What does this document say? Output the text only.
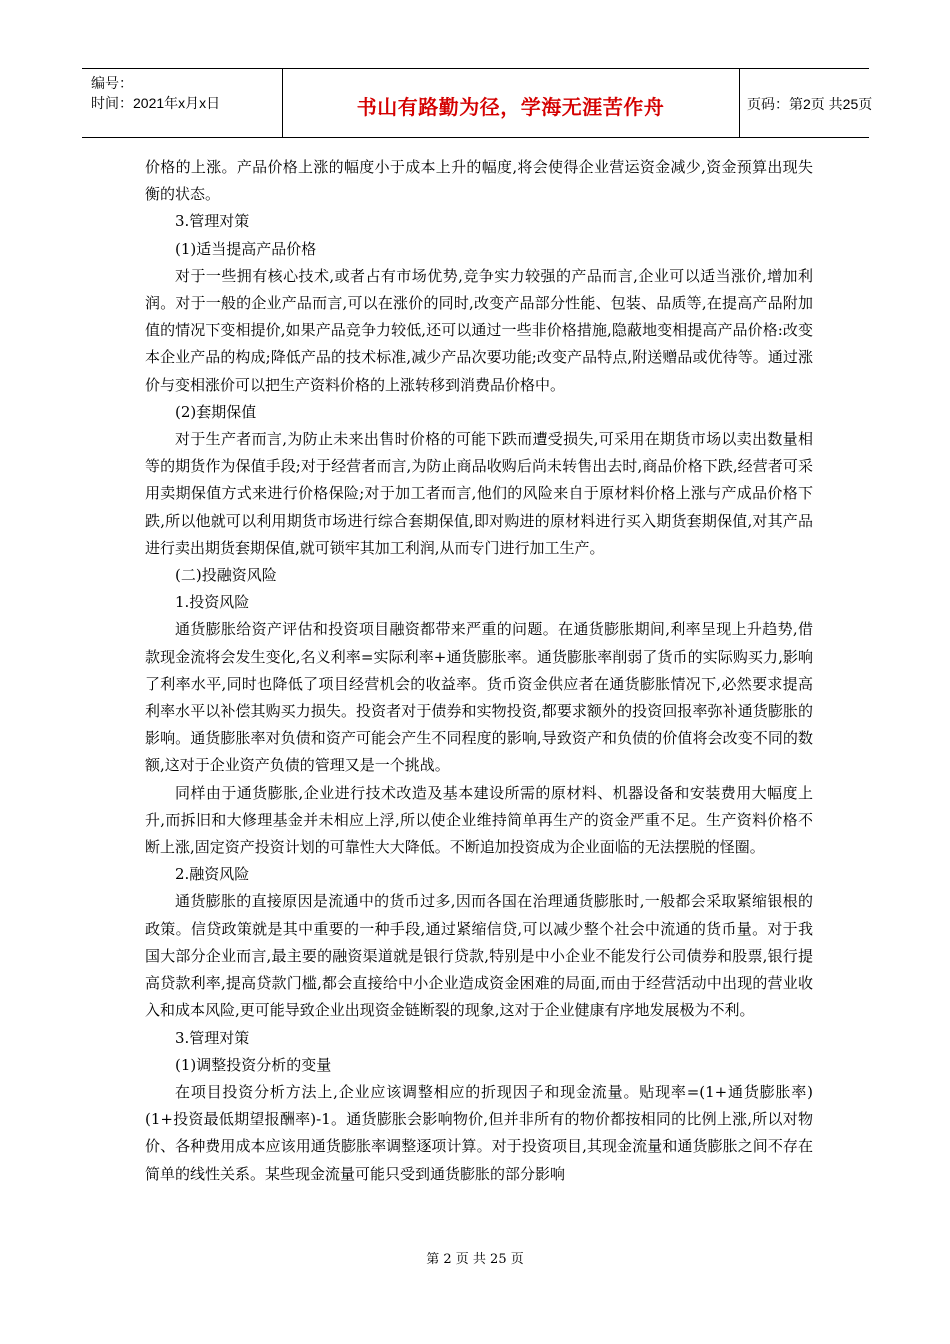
编号：
时间：2021年x月x日	书山有路勤为径，学海无涯苦作舟	页码：第2页 共25页

价格的上涨。产品价格上涨的幅度小于成本上升的幅度,将会使得企业营运资金减少,资金预算出现失衡的状态。

3.管理对策

(1)适当提高产品价格

对于一些拥有核心技术,或者占有市场优势,竞争实力较强的产品而言,企业可以适当涨价,增加利润。对于一般的企业产品而言,可以在涨价的同时,改变产品部分性能、包装、品质等,在提高产品附加值的情况下变相提价,如果产品竞争力较低,还可以通过一些非价格措施,隐蔽地变相提高产品价格:改变本企业产品的构成;降低产品的技术标准,减少产品次要功能;改变产品特点,附送赠品或优待等。通过涨价与变相涨价可以把生产资料价格的上涨转移到消费品价格中。

(2)套期保值

对于生产者而言,为防止未来出售时价格的可能下跌而遭受损失,可采用在期货市场以卖出数量相等的期货作为保值手段;对于经营者而言,为防止商品收购后尚未转售出去时,商品价格下跌,经营者可采用卖期保值方式来进行价格保险;对于加工者而言,他们的风险来自于原材料价格上涨与产成品价格下跌,所以他就可以利用期货市场进行综合套期保值,即对购进的原材料进行买入期货套期保值,对其产品进行卖出期货套期保值,就可锁牢其加工利润,从而专门进行加工生产。

(二)投融资风险

1.投资风险

通货膨胀给资产评估和投资项目融资都带来严重的问题。在通货膨胀期间,利率呈现上升趋势,借款现金流将会发生变化,名义利率=实际利率+通货膨胀率。通货膨胀率削弱了货币的实际购买力,影响了利率水平,同时也降低了项目经营机会的收益率。货币资金供应者在通货膨胀情况下,必然要求提高利率水平以补偿其购买力损失。投资者对于债券和实物投资,都要求额外的投资回报率弥补通货膨胀的影响。通货膨胀率对负债和资产可能会产生不同程度的影响,导致资产和负债的价值将会改变不同的数额,这对于企业资产负债的管理又是一个挑战。

同样由于通货膨胀,企业进行技术改造及基本建设所需的原材料、机器设备和安装费用大幅度上升,而拆旧和大修理基金并未相应上浮,所以使企业维持简单再生产的资金严重不足。生产资料价格不断上涨,固定资产投资计划的可靠性大大降低。不断追加投资成为企业面临的无法摆脱的怪圈。

2.融资风险

通货膨胀的直接原因是流通中的货币过多,因而各国在治理通货膨胀时,一般都会采取紧缩银根的政策。信贷政策就是其中重要的一种手段,通过紧缩信贷,可以减少整个社会中流通的货币量。对于我国大部分企业而言,最主要的融资渠道就是银行贷款,特别是中小企业不能发行公司债券和股票,银行提高贷款利率,提高贷款门槛,都会直接给中小企业造成资金困难的局面,而由于经营活动中出现的营业收入和成本风险,更可能导致企业出现资金链断裂的现象,这对于企业健康有序地发展极为不利。

3.管理对策

(1)调整投资分析的变量

在项目投资分析方法上,企业应该调整相应的折现因子和现金流量。贴现率=(1+通货膨胀率)(1+投资最低期望报酬率)-1。通货膨胀会影响物价,但并非所有的物价都按相同的比例上涨,所以对物价、各种费用成本应该用通货膨胀率调整逐项计算。对于投资项目,其现金流量和通货膨胀之间不存在简单的线性关系。某些现金流量可能只受到通货膨胀的部分影响

第 2 页 共 25 页
